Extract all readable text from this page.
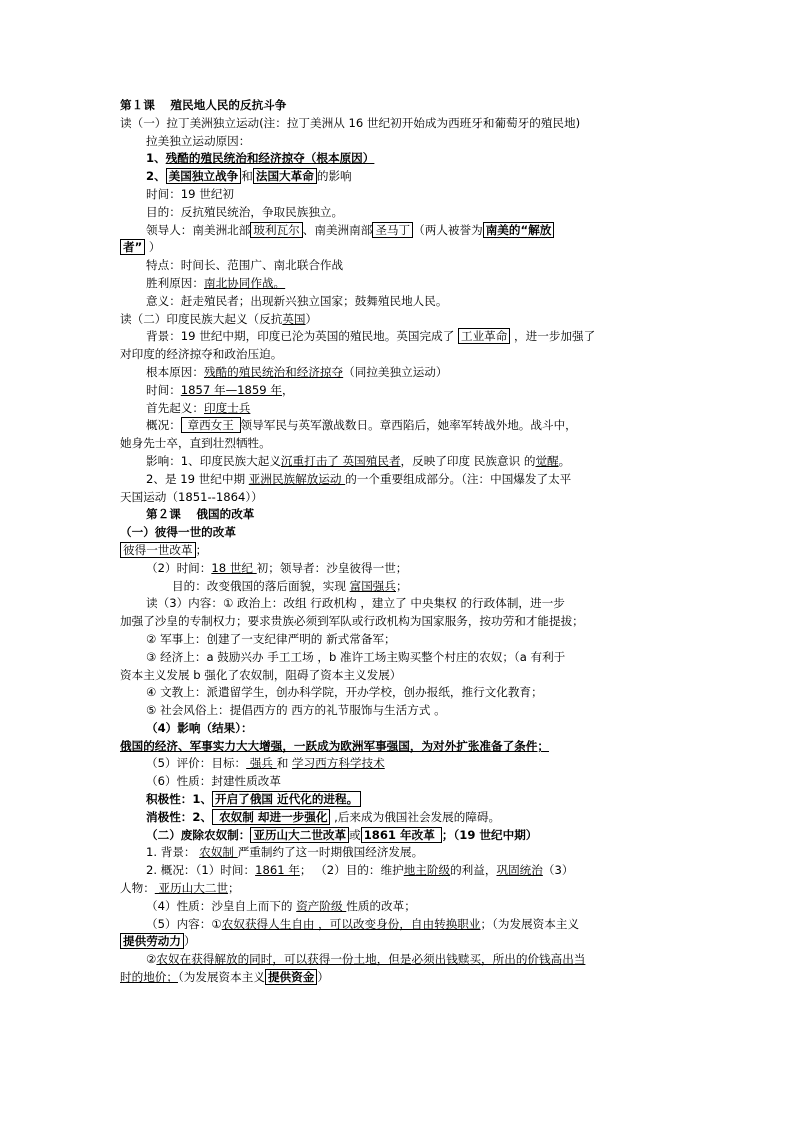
第１课　 殖民地人民的反抗斗争
读（一）拉丁美洲独立运动(注：拉丁美洲从 16 世纪初开始成为西班牙和葡萄牙的殖民地)
拉美独立运动原因：
1、残酷的殖民统治和经济掠夺（根本原因）
2、 美国独立战争 和 法国大革命 的影响
时间：19 世纪初
目的：反抗殖民统治，争取民族独立。
领导人：南美洲北部 玻利瓦尔 、南美洲南部 圣马丁 （两人被誉为 南美的“解放
者” ）
特点：时间长、范围广、南北联合作战
胜利原因：南北协同作战。
意义：赶走殖民者；出现新兴独立国家；鼓舞殖民地人民。
读（二）印度民族大起义（反抗英国）
背景：19 世纪中期，印度已沦为英国的殖民地。英国完成了 工业革命 ，进一步加强了
对印度的经济掠夺和政治压迫。
根本原因：残酷的殖民统治和经济掠夺（同拉美独立运动）
时间：1857 年—1859 年，
首先起义：印度士兵
概况： 章西女王 领导军民与英军激战数日。章西陷后，她率军转战外地。战斗中，
她身先士卒，直到壮烈牺牲。
影响：1、印度民族大起义沉重打击了 英国殖民者，反映了印度 民族意识 的觉醒。
2、是 19 世纪中期 亚洲民族解放运动 的一个重要组成部分。（注：中国爆发了太平
天国运动（1851--1864））
第２课　 俄国的改革
（一）彼得一世的改革
彼得一世改革 ；
（2）时间：18 世纪 初；领导者：沙皇彼得一世；
目的：改变俄国的落后面貌，实现 富国强兵；
读（3）内容：① 政治上：改组 行政机构 ，建立了 中央集权 的行政体制，进一步
加强了沙皇的专制权力；要求贵族必须到军队或行政机构为国家服务，按功劳和才能提拔；
② 军事上：创建了一支纪律严明的 新式常备军；
③ 经济上：a 鼓励兴办 手工工场 ，b 准许工场主购买整个村庄的农奴；（a 有利于
资本主义发展 b 强化了农奴制，阻碍了资本主义发展）
④ 文教上：派遣留学生，创办科学院，开办学校，创办报纸，推行文化教育；
⑤ 社会风俗上：提倡西方的 西方的礼节服饰与生活方式 。
（4）影响（结果）：
俄国的经济、军事实力大大增强，一跃成为欧洲军事强国，为对外扩张准备了条件；
（5）评价：目标： 强兵 和 学习西方科学技术
（6）性质：封建性质改革
积极性：1、 开启了俄国 近代化的进程。
消极性：2、 农奴制 却进一步强化 ,后来成为俄国社会发展的障碍。
（二）废除农奴制： 亚历山大二世改革 或 1861 年改革 ；（19 世纪中期）
1. 背景： 农奴制 严重制约了这一时期俄国经济发展。
2. 概况：（1）时间：1861 年； （2）目的：维护地主阶级的利益，巩固统治（3）
人物： 亚历山大二世；
（4）性质：沙皇自上而下的 资产阶级 性质的改革；
（5）内容：①农奴获得人生自由 ，可以改变身份，自由转换职业；（为发展资本主义
提供劳动力 ）
②农奴在获得解放的同时，可以获得一份土地，但是必须出钱赎买，所出的价钱高出当
时的地价；（为发展资本主义 提供资金 ）
